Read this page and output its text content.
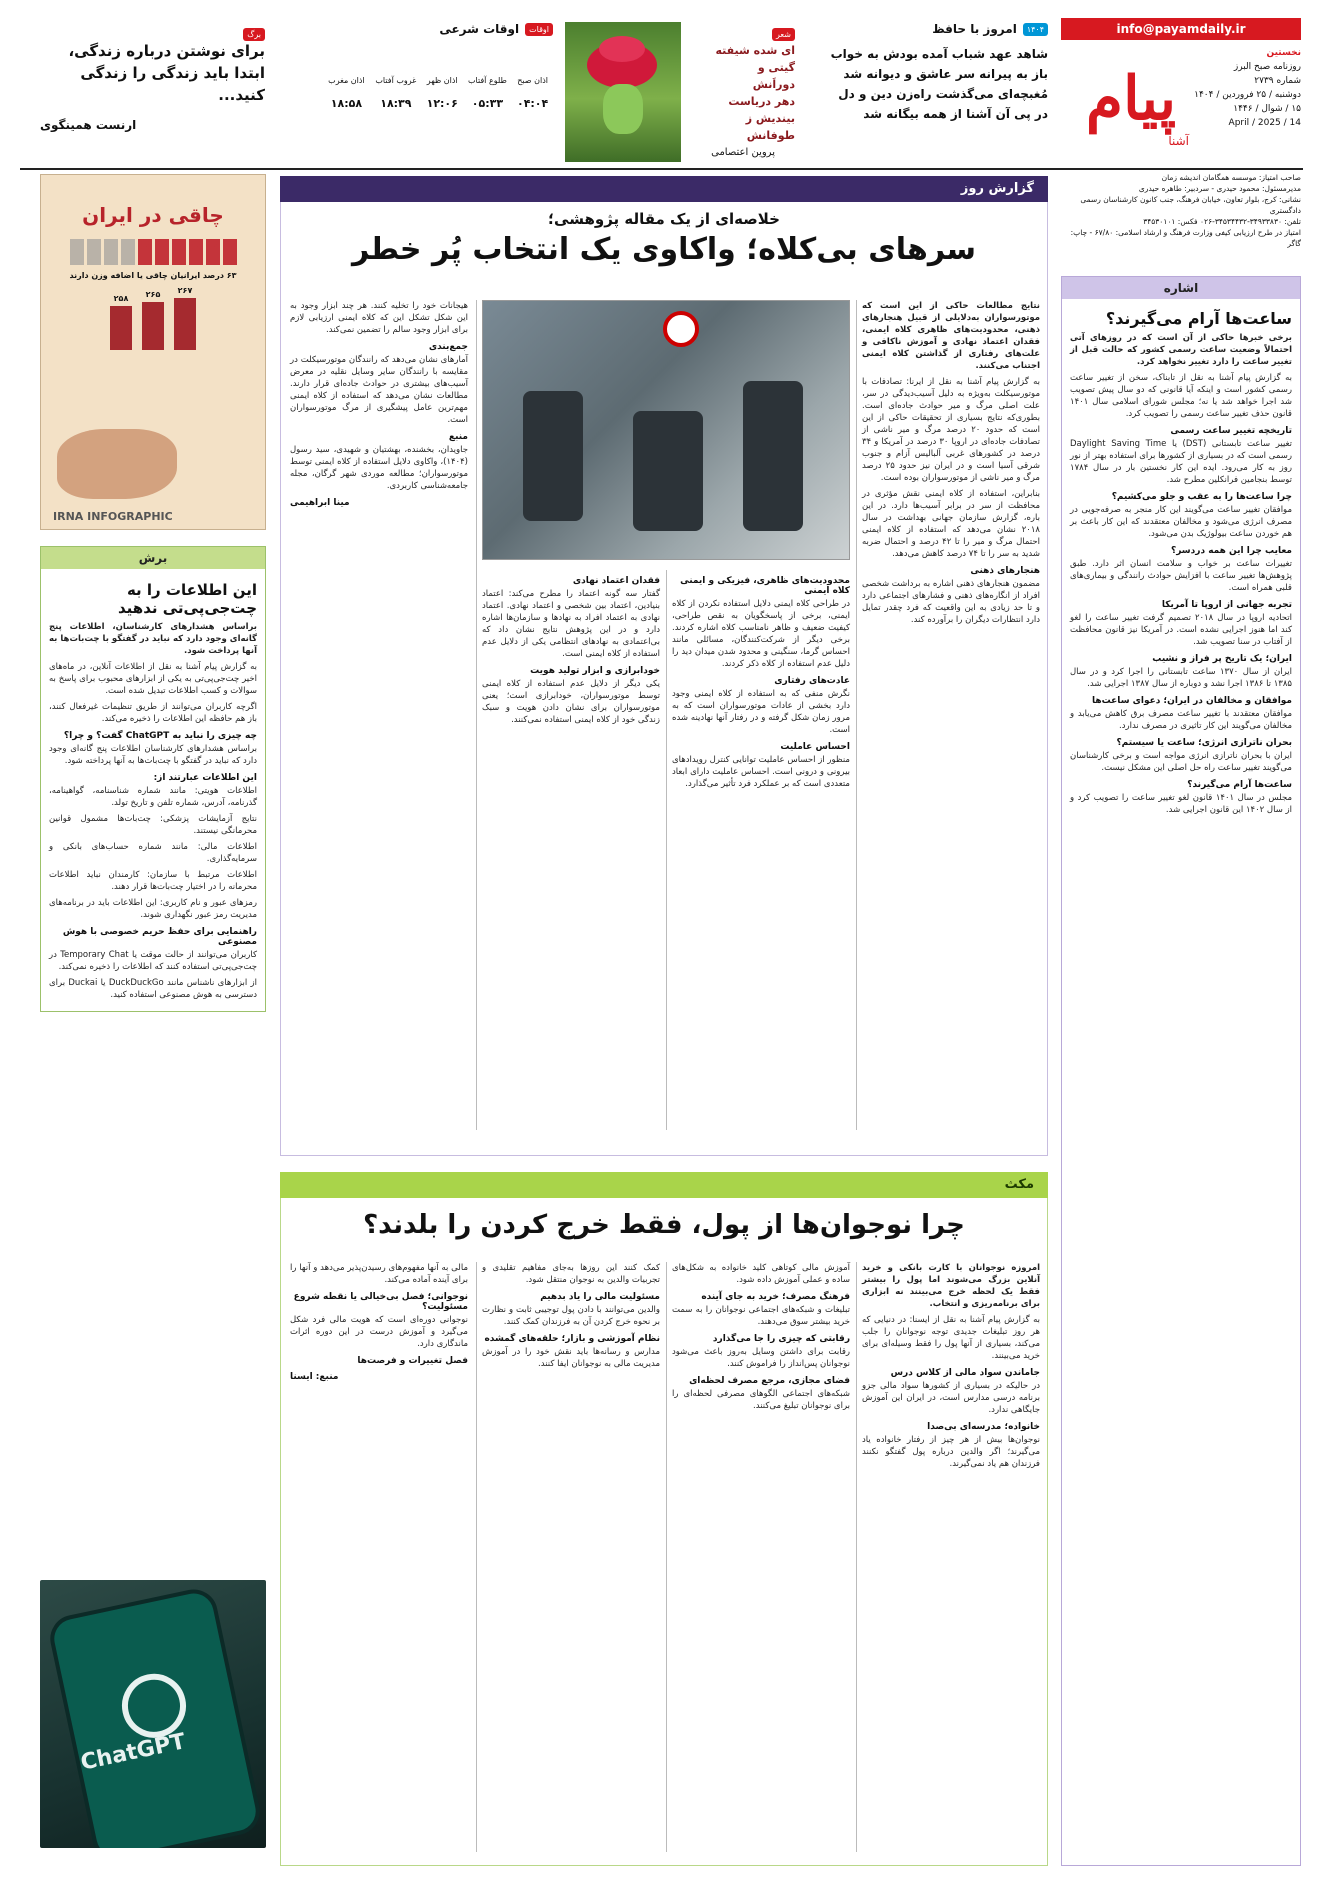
info@payamdaily.ir
پیام
آشنا
نخستین
روزنامه صبح البرز
شماره ۲۷۳۹
دوشنبه / ۲۵ فروردین / ۱۴۰۴
۱۵ / شوال / ۱۴۴۶
14 / April / 2025
صاحب امتیاز: موسسه همگامان اندیشه زمان
مدیرمسئول: محمود حیدری - سردبیر: طاهره حیدری
نشانی: کرج، بلوار تعاون، خیابان فرهنگ، جنب کانون کارشناسان رسمی دادگستری
تلفن: ۳۴۹۳۳۸۳۰-۳۴۵۳۴۴۳۲-۰۲۶ فکس: ۳۴۵۳۰۱۰۱
امتیاز در طرح ارزیابی کیفی وزارت فرهنگ و ارشاد اسلامی: ۶۷/۸۰ - چاپ: گاگر
۱۴۰۴
امروز با حافظ
شاهد عهد شباب آمده بودش به خواب
باز به پیرانه سر عاشق و دیوانه شد
مُغبچه‌ای می‌گذشت راه‌زن دین و دل
در پی آن آشنا از همه بیگانه شد
شعر
ای شده شیفته گیتی و
دوراَنش
دهر دریاست بیندیش ز
طوفانش
پروین اعتصامی
اوقات
اوقات شرعی
اذان صبح	طلوع آفتاب	اذان ظهر	غروب آفتاب	اذان مغرب
۰۴:۰۴	۰۵:۳۳	۱۲:۰۶	۱۸:۳۹	۱۸:۵۸
برگ
برای نوشتن درباره زندگی، ابتدا باید زندگی را زندگی کنید...
ارنست همینگوی
چاقی در ایران
۶۳ درصد ایرانیان چاقی یا اضافه وزن دارند
۲۶۷
۲۶۵
۲۵۸
IRNA INFOGRAPHIC
برش
این اطلاعات را به چت‌جی‌پی‌تی ندهید
براساس هشدارهای کارشناسان، اطلاعات پنج گانه‌ای وجود دارد که نباید در گفتگو با چت‌بات‌ها به آنها پرداخت شود.
به گزارش پیام آشنا به نقل از اطلاعات آنلاین، در ماه‌های اخیر چت‌جی‌پی‌تی به یکی از ابزارهای محبوب برای پاسخ به سوالات و کسب اطلاعات تبدیل شده است.
اگرچه کاربران می‌توانند از طریق تنظیمات غیرفعال کنند، باز هم حافظه این اطلاعات را ذخیره می‌کند.
چه چیزی را نباید به ChatGPT گفت؟ و چرا؟
براساس هشدارهای کارشناسان اطلاعات پنج گانه‌ای وجود دارد که نباید در گفتگو با چت‌بات‌ها به آنها پرداخته شود.
این اطلاعات عبارتند از:
اطلاعات هویتی: مانند شماره شناسنامه، گواهینامه، گذرنامه، آدرس، شماره تلفن و تاریخ تولد.
نتایج آزمایشات پزشکی: چت‌بات‌ها مشمول قوانین محرمانگی نیستند.
اطلاعات مالی: مانند شماره حساب‌های بانکی و سرمایه‌گذاری.
اطلاعات مرتبط با سازمان: کارمندان نباید اطلاعات محرمانه را در اختیار چت‌بات‌ها قرار دهند.
رمزهای عبور و نام کاربری: این اطلاعات باید در برنامه‌های مدیریت رمز عبور نگهداری شوند.
راهنمایی برای حفظ حریم خصوصی با هوش مصنوعی
کاربران می‌توانند از حالت موقت یا Temporary Chat در چت‌جی‌پی‌تی استفاده کنند که اطلاعات را ذخیره نمی‌کند.
از ابزارهای ناشناس مانند DuckDuckGo یا Duckai برای دسترسی به هوش مصنوعی استفاده کنید.
ChatGPT
اشاره
ساعت‌ها آرام می‌گیرند؟
برخی خبرها حاکی از آن است که در روزهای آتی احتمالاً وضعیت ساعت رسمی کشور که حالت قبل از تغییر ساعت را دارد تغییر نخواهد کرد.
به گزارش پیام آشنا به نقل از تابناک، سخن از تغییر ساعت رسمی کشور است و اینکه آیا قانونی که دو سال پیش تصویب شد اجرا خواهد شد یا نه؛ مجلس شورای اسلامی سال ۱۴۰۱ قانون حذف تغییر ساعت رسمی را تصویب کرد.
تاریخچه تغییر ساعت رسمی
تغییر ساعت تابستانی (DST) یا Daylight Saving Time رسمی است که در بسیاری از کشورها برای استفاده بهتر از نور روز به کار می‌رود. ایده این کار نخستین بار در سال ۱۷۸۴ توسط بنجامین فرانکلین مطرح شد.
چرا ساعت‌ها را به عقب و جلو می‌کشیم؟
موافقان تغییر ساعت می‌گویند این کار منجر به صرفه‌جویی در مصرف انرژی می‌شود و مخالفان معتقدند که این کار باعث بر هم خوردن ساعت بیولوژیک بدن می‌شود.
معایب چرا این همه دردسر؟
تغییرات ساعت بر خواب و سلامت انسان اثر دارد. طبق پژوهش‌ها تغییر ساعت با افزایش حوادث رانندگی و بیماری‌های قلبی همراه است.
تجربه جهانی از اروپا تا آمریکا
اتحادیه اروپا در سال ۲۰۱۸ تصمیم گرفت تغییر ساعت را لغو کند اما هنوز اجرایی نشده است. در آمریکا نیز قانون محافظت از آفتاب در سنا تصویب شد.
ایران؛ یک تاریخ پر فراز و نشیب
ایران از سال ۱۳۷۰ ساعت تابستانی را اجرا کرد و در سال ۱۳۸۵ تا ۱۳۸۶ اجرا نشد و دوباره از سال ۱۳۸۷ اجرایی شد.
موافقان و مخالفان در ایران؛ دعوای ساعت‌ها
موافقان معتقدند با تغییر ساعت مصرف برق کاهش می‌یابد و مخالفان می‌گویند این کار تاثیری در مصرف ندارد.
بحران ناترازی انرژی؛ ساعت یا سیستم؟
ایران با بحران ناترازی انرژی مواجه است و برخی کارشناسان می‌گویند تغییر ساعت راه حل اصلی این مشکل نیست.
ساعت‌ها آرام می‌گیرند؟
مجلس در سال ۱۴۰۱ قانون لغو تغییر ساعت را تصویب کرد و از سال ۱۴۰۲ این قانون اجرایی شد.
گزارش روز
خلاصه‌ای از یک مقاله پژوهشی؛
سرهای بی‌کلاه؛ واکاوی یک انتخاب پُر خطر
نتایج مطالعات حاکی از این است که موتورسواران به‌دلایلی از قبیل هنجارهای ذهنی، محدودیت‌های ظاهری کلاه ایمنی، فقدان اعتماد نهادی و آموزش ناکافی و علت‌های رفتاری از گذاشتن کلاه ایمنی اجتناب می‌کنند.
به گزارش پیام آشنا به نقل از ایرنا: تصادفات با موتورسیکلت به‌ویژه به دلیل آسیب‌دیدگی در سر، علت اصلی مرگ و میر حوادث جاده‌ای است. بطوری‌که نتایج بسیاری از تحقیقات حاکی از این است که حدود ۲۰ درصد مرگ و میر ناشی از تصادفات جاده‌ای در اروپا ۳۰ درصد در آمریکا و ۳۴ درصد در کشورهای غربی آلبالیس آزام و جنوب شرقی آسیا است و در ایران نیز حدود ۲۵ درصد مرگ و میر ناشی از موتورسواران بوده است.
بنابراین، استفاده از کلاه ایمنی نقش مؤثری در محافظت از سر در برابر آسیب‌ها دارد. در این باره، گزارش سازمان جهانی بهداشت در سال ۲۰۱۸ نشان می‌دهد که استفاده از کلاه ایمنی احتمال مرگ و میر را تا ۴۲ درصد و احتمال ضربه شدید به سر را تا ۷۴ درصد کاهش می‌دهد.
هنجارهای ذهنی
مضمون هنجارهای ذهنی اشاره به برداشت شخصی افراد از انگاره‌های ذهنی و فشارهای اجتماعی دارد و تا حد زیادی به این واقعیت که فرد چقدر تمایل دارد انتظارات دیگران را برآورده کند.
محدودیت‌های ظاهری، فیزیکی و ایمنی کلاه ایمنی
در طراحی کلاه ایمنی دلایل استفاده نکردن از کلاه ایمنی، برخی از پاسخگویان به نقص طراحی، کیفیت ضعیف و ظاهر نامناسب کلاه اشاره کردند. برخی دیگر از شرکت‌کنندگان، مسائلی مانند احساس گرما، سنگینی و محدود شدن میدان دید را دلیل عدم استفاده از کلاه ذکر کردند.
عادت‌های رفتاری
نگرش منفی که به استفاده از کلاه ایمنی وجود دارد بخشی از عادات موتورسواران است که به مرور زمان شکل گرفته و در رفتار آنها نهادینه شده است.
احساس عاملیت
منظور از احساس عاملیت توانایی کنترل رویدادهای بیرونی و درونی است. احساس عاملیت دارای ابعاد متعددی است که بر عملکرد فرد تأثیر می‌گذارد.
فقدان اعتماد نهادی
گفتار سه گونه اعتماد را مطرح می‌کند: اعتماد بنیادین، اعتماد بین شخصی و اعتماد نهادی. اعتماد نهادی به اعتماد افراد به نهادها و سازمان‌ها اشاره دارد و در این پژوهش نتایج نشان داد که بی‌اعتمادی به نهادهای انتظامی یکی از دلایل عدم استفاده از کلاه ایمنی است.
خودابرازی و ابزار تولید هویت
یکی دیگر از دلایل عدم استفاده از کلاه ایمنی توسط موتورسواران، خودابرازی است؛ یعنی موتورسواران برای نشان دادن هویت و سبک زندگی خود از کلاه ایمنی استفاده نمی‌کنند.
هیجانات خود را تخلیه کنند. هر چند ابزار وجود به این شکل تشکل این که کلاه ایمنی ارزیابی لازم برای ابزار وجود سالم را تضمین نمی‌کند.
جمع‌بندی
آمارهای نشان می‌دهد که رانندگان موتورسیکلت در مقایسه با رانندگان سایر وسایل نقلیه در معرض آسیب‌های بیشتری در حوادث جاده‌ای قرار دارند. مطالعات نشان می‌دهد که استفاده از کلاه ایمنی مهم‌ترین عامل پیشگیری از مرگ موتورسواران است.
منبع
جاویدان، بخشنده، بهشتیان و شهیدی، سید رسول (۱۴۰۴)، واکاوی دلایل استفاده از کلاه ایمنی توسط موتورسواران؛ مطالعه موردی شهر گرگان، مجله جامعه‌شناسی کاربردی.
مینا ابراهیمی
مکث
چرا نوجوان‌ها از پول، فقط خرج کردن را بلدند؟
امروزه نوجوانان با کارت بانکی و خرید آنلاین بزرگ می‌شوند اما پول را بیشتر فقط یک لحظه خرج می‌بینند نه ابزاری برای برنامه‌ریزی و انتخاب.
به گزارش پیام آشنا به نقل از ایسنا: در دنیایی که هر روز تبلیغات جدیدی توجه نوجوانان را جلب می‌کند، بسیاری از آنها پول را فقط وسیله‌ای برای خرید می‌بینند.
جاماندن سواد مالی از کلاس درس
در حالیکه در بسیاری از کشورها سواد مالی جزو برنامه درسی مدارس است، در ایران این آموزش جایگاهی ندارد.
خانواده؛ مدرسه‌ای بی‌صدا
نوجوان‌ها بیش از هر چیز از رفتار خانواده یاد می‌گیرند؛ اگر والدین درباره پول گفتگو نکنند فرزندان هم یاد نمی‌گیرند.
آموزش مالی کوتاهی کلید خانواده به شکل‌های ساده و عملی آموزش داده شود.
فرهنگ مصرف؛ خرید به جای آینده
تبلیغات و شبکه‌های اجتماعی نوجوانان را به سمت خرید بیشتر سوق می‌دهند.
رقابتی که چیزی را جا می‌گذارد
رقابت برای داشتن وسایل به‌روز باعث می‌شود نوجوانان پس‌انداز را فراموش کنند.
فضای مجازی، مرجع مصرف لحظه‌ای
شبکه‌های اجتماعی الگوهای مصرفی لحظه‌ای را برای نوجوانان تبلیغ می‌کنند.
کمک کنند این روزها به‌جای مفاهیم تقلیدی و تجربیات والدین به نوجوان منتقل شود.
مسئولیت مالی را یاد بدهیم
والدین می‌توانند با دادن پول توجیبی ثابت و نظارت بر نحوه خرج کردن آن به فرزندان کمک کنند.
نظام آموزشی و بازار؛ حلقه‌های گمشده
مدارس و رسانه‌ها باید نقش خود را در آموزش مدیریت مالی به نوجوانان ایفا کنند.
مالی به آنها مفهوم‌های رسیدن‌پذیر می‌دهد و آنها را برای آینده آماده می‌کند.
نوجوانی؛ فصل بی‌خیالی یا نقطه شروع مسئولیت؟
نوجوانی دوره‌ای است که هویت مالی فرد شکل می‌گیرد و آموزش درست در این دوره اثرات ماندگاری دارد.
فصل تغییرات و فرصت‌ها
منبع: ایسنا
